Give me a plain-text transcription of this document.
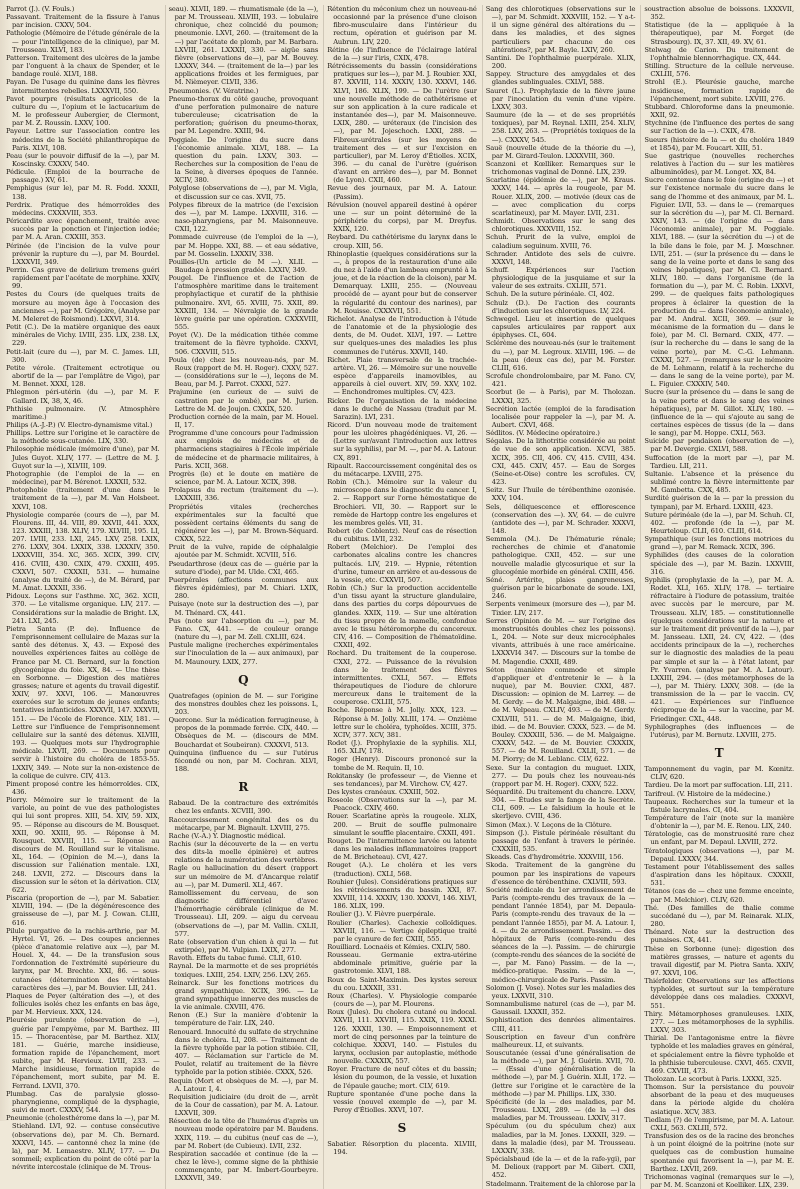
Parrot (J.). (V. Fouls.)

Passavant. Traitement de la fissure à l'anus par incision. CXXV, 504.

Pathologie (Mémoire de l'étude générale de la — pour l'intelligence de la clinique), par M. Trousseau. XLVI, 183.

Patterson. Traitement des ulcères de la jambe par l'onguent à la chaux de Spender, et le bandage roulé. XLVI, 188.

Payan. De l'usage du quinine dans les fièvres intermittentes rebelles. LXXXVII, 550.

Pavot pourpre (résultats agricoles de la culture du —, l'opium et le lactucarium de M. le professeur Aubergier, de Clermont, par M. Z. Roussin. LXXV, 100.

Payeur. Lettre sur l'association contre les médecins de la Société philanthropique de Paris. XLVI, 108.

Peau (sur le pouvoir diffusif de la —), par M. Koscinsky. CXXXV, 540.

Pédicule. (Emploi de la bourrache de passage.) XV, 61.

Pemphigus (sur le), par M. R. Fodd. XXXII, 138.

Perdrix. Pratique des hémorroïdes des médecins. CXXXVIII, 353.

Péricardite avec épanchement, traitée avec succès par la ponction et l'injection iodée; par M. A. Aran. CXXIII, 353.

Périnée (de l'incision de la vulve pour prévenir la rupture du —), par M. Bourdel. LXXXVII, 349.

Perrin. Cas grave de delirium tremens guéri rapidement par l'acétate de morphine. XXIV, 99.

Pestes du Cours (de quelques traits de morsure au moyen âge à l'occasion des anciennes —), par M. Grégoire, (Analyse par M. Meleret de Roismond). LXXVI, 314.

Petit (C.). De la matière organique des eaux minérales de Vichy. LVIII, 235. LIX, 238. LX, 229.

Petit-lait (cure du —), par M. C. James. LII, 300.

Petite vérole. (Traitement ectrotique ou abortif de la — par l'emplâtre de Vigo), par M. Bennet. XXXI, 128.

Phlegmon péri-utérin (du —), par M. F. Gallard. IX, 38, X, 46.

Phthisie pulmonaire. (V. Atmosphère maritime.)

Philips (A.-J.-P.) (V. Electro-dynamisme vital.)

Phillips. Lettre sur l'origine et le caractère de la méthode sous-cutanée. LIX, 330.

Philosophie médicale (mémoire d'une), par M. Jules Guyot. XLIV, 177. — (Lettre de M. J. Guyot sur la —), XLVIII, 109.

Photographie (de l'emploi de la — en médecine), par M. Bérenot. LXXXII, 532.

Photophobie (traitement d'une dans le traitement de la —), par M. Van Holsbeet. XXVI, 108.

Physiologie comparée (cours de —), par M. Flourens. III, 44. VIII, 89. XXVII, 441. XXX, 123. XXXIII, 138. XLIV, 179. XLVIII, 195. LI, 207. LVIII, 233. LXI, 245. LXV, 258. LXIX, 276. LXXV, 304. LXXIX, 338. LXXXIV, 350. LXXXVIII, 354. XC, 365. XCIX, 399. CIV, 416. CVIII, 430. CXIX, 479. CXXIII, 495. CXXVI, 507. CXXXII, 531. — humaine (analyse du traité de —), de M. Bérard, par M. Amat. LXXXII, 336.

Pidoux. Leçons sur l'asthme. XC, 362. XCII, 370. — Le vitalisme organique. LIV, 217. — Considérations sur la maladie de Bright. LX, 241. LXI, 245.

Pietra Santa (P. de). Influence de l'emprisonnement cellulaire de Mazas sur la santé des détenus. X, 43. — Exposé des nouvelles expériences faites au collège de France par M. Cl. Bernard, sur la fonction glycogénique du foie. XX, 84. — Une thèse en Sorbonne. — Digestion des matières grasses; nature et agents du travail digestif. XXIV, 97. XXVI, 106. — Manœuvres exercées sur le scrotum de jeunes enfants; tentatives infanticides. XXXVII, 147. XXXVII, 151. — De l'école de Florence. XLV, 181. — Lettre sur l'influence de l'emprisonnement cellulaire sur la santé des détenus. XLVIII, 193. — Quelques mots sur l'hydrographie médicale. LXVII, 269. — Documents pour servir à l'histoire du choléra de 1853-55. LXXIV, 349. — Note sur la non-existence de la colique de cuivre. CIV, 413.

Piment proposé contre les hémorroïdes. CIX, 436.

Piorry. Mémoire sur le traitement de la variole, au point de vue des pathologistes qui lui sont propres. XIII, 54. XIV, 59. XIX, 95. — Réponse au discours de M. Bousquet. XXII, 90. XXIII, 95. — Réponse à M. Rousquet. XXVIII, 115. — Réponse au discours de M. Rouilland sur le vitalisme. XL, 164. — (Opinion de M.—), dans la discussion sur l'aliénation mentale. LXI, 248. LXVII, 272. — Discours dans la discussion sur le séton et la dérivation. CLV, 622.

Piscaria (proportion de —), par M. Sabatier. XLVIII, 194. — (De la dégénérescence des graisseuse de —), par M. J. Cowan. CLIII, 616.

Pilule purgative de la rachis-arthrie, par M. Hyrtel. VI, 26. — Des coupes anciennes (pièce d'anatomie relative aux —), par M. Houel. X, 44. — De la transfusion sous l'ordonnation de l'extrémité supérieure du larynx, par M. Brechte. XXI, 86. — sous-cutanées (détermination des véritables caractères des —), par M. Bouvier. LII, 241.

Plaques de Peyer (altération des —), et des follicules isolés chez les enfants en bas âge, par M. Hervieux. XXX, 124.

Pleurésie purulente (observation de —), guérie par l'empyème, par M. Barthez. III 15. — Thoracentèse, par M. Barthez. XLV, 181. — Guérie, marche insidieuse, formation rapide de l'épanchement, mort subite, par M. Hervieux. LVIII, 233. — Marche insidieuse, formation rapide de l'épanchement, mort subite, par M. E. Ferrand. LXVII, 370.

Plumbag. Cas de paralysie glosso-pharyngienne, compliqué de la dysphagie, suivi de mort. CXXXV, 544.

Pneumonie (cholesthérome dans la —), par M. Stiehland. LVI, 92. — contuse consécutive (observations de), par M. Ch. Bernard. XXXVI, 145. — cantonné chez la mine (de la), par M. Lemaestre. XLIV, 177. — Du sommeil; explication du point de côté par la névrite intercostale (clinique de M. Trous-

seau). XLVII, 189. — rhumatismale (de la —), par M. Trousseau. XLVIII, 193. — lobulaire chronique, chez coïncidé du poumon; pneumonie. LXVI, 260. — (traitement de la —) par l'acétate de plomb, par M. Barbara. LXVIII, 261. LXXXII, 330. — aigüe sans fièvre (observations de—), par M. Bouvey. LXXXV, 344. — (traitement de la—) par les applications froides et les fermigues, par M. Nièmeyer. CLVII, 336.

Pneumonies. (V. Vératrine.)

Pneumo-thorax du côté gauche, provoquant d'une perforation pulmonaire de nature tuberculeuse; cicatrisation de la perforation; guérison du pneumo-thorax, par M. Legendre. XXIII, 94.

Poggiale. De l'origine du sucre dans l'économie animale. XLVI, 188. — La question du pain. LXXV, 303. — Recherches sur la composition de l'eau de la Seine, à diverses époques de l'année. XCIV, 380.

Polyglose (observations de —), par M. Vigla, et discussion sur ce cas. XVII, 75.

Polypes fibreux de la matrice (de l'excision des —), par M. Lampe. LXXVIII, 316. — naso-pharyngiens, par M. Maisonneuve. CXII, 122.

Pommade cuivreuse (de l'emploi de la —), par M. Hoppe. XXI, 88. — et eau sédative, par M. Gosselin. LXXXIV, 338.

Pouilles-(Un article de M —). XLII. — Baudage à pression gradée. LXXIV, 349.

Pougel. De l'influence et de l'action de l'atmosphère maritime dans le traitement prophylactique et curatif de la phthisie pulmonaire. XVI, 65. XVIII, 75. XXII, 89. XXXIII, 134. — Névralgie de la grande lèvre guérie par une opération. CXXXVIII, 555.

Poyet (V.). De la médication tithée comme traitement de la fièvre typhoïde. CXXVI, 506. CXXVIII, 515.

Poula (de) chez les nouveau-nés, par M. Roux (rapport de M. H. Roger). CXXV, 527. — (considérations sur le —), leçons de M. Beau, par M. J. Parrot. CXXXI, 527.

Prajumine (en curieux de — suivi de castration par le ombé), par M. Jurien. Lettre de M. de Joujon. CXXIX, 520.

Production cornée de la main, par M. Houel. II, 17.

Programme d'une concours pour l'admission aux emplois de médecins et de pharmaciens stagiaires à l'École impériale de médecine et de pharmacie militaires, à Paris. XCII, 368.

Progrès (le) et le doute en matière de science, par M. A. Latour. XCIX, 398.

Prolapsus du rectum (traitement du —). LXXXIII, 336.

Propriétés vitales (recherches expérimentales sur la faculté que possèdent certains éléments du sang de régénérer les —), par M. Brown-Séquard. CXXX, 522.

Pruit de la vulve, rapide de céphalalgie ajoutée par M. Schmidt. XCVIII, 516.

Pseudarthrose (deux cas de — guérie par la suture d'iode), par M. Ulde. CXI, 465.

Puerpérales (affections communes aux fièvres épidémies), par M. Chiari. LXIX, 280.

Puisaye (note sur la destruction des —), par M. Thénard. CX, 441.

Pus (note sur l'absorption du —), par M. Fano. CX, 441. — de couleur orange (nature du —), par M. Zell. CXLIII, 624.

Pustule maligne (recherches expérimentales sur l'inoculation de la — aux animaux), par M. Maunoury. LXIX, 277.

Q

Quatrefages (opinion de M. — sur l'origine des monstres doubles chez les poissons. L, 203.

Quercone. Sur la médication ferrugineuse, à propos de la pommade ferrée. CIX, 440. — Obsèques de M. — (discours de MM. Bouchardat et Soubeiran). CXXXVI, 513.

Quinquina (influence du — sur l'utérus fécondé ou non, par M. Cochran. XLVI, 188.

R

Rabaud. De la contracture des extrémités chez les enfants. XCVIII, 390.

Raccourcissement congénital des os du métacarpe, par M. Bignault. LXVIII, 275.

Rache (V.-A.) Y. Diagnostic médical.

Rachis (sur la découverte de la — en vertu des dits-la moelle épinière) et autres relations de la numérotation des vertèbres.

Ragle ou hallucination du désert (rapport sur un mémoire de M. d'Ancarque relatif au —), par M. Dumeril. XLI, 467.

Ramollissement du cerveau, de son diagnostic différentiel d'avec l'hémorrhagie cérébrale (clinique de M. Trousseau). LII, 209. — aigu du cerveau (observations de —), par M. Vallin. CXLII, 577.

Rate (observation d'un chien à qui la — fut extirpée), par M. Vulpian. LXIX, 277.

Ravoth. Effets du tabac fumé. CLII, 610.

Raynal. De la marmotte et de ses propriétés toxiques. LXIII, 254. LXIV, 256. LXV, 265.

Reinarck. Sur les fonctions motrices du grand sympathique. XCIX, 396. — Le grand sympathique innerve des muscles de la vie animale. CXVIII, 476.

Renon (E.) Sur la manière d'obtenir la température de l'air. LIX, 240.

Renouard. Innocuité du sulfate de strychnine dans le choléra. LI, 208. — Traitement de la fièvre typhoïde par la potion stibiée. CII, 407. — Réclamation sur l'article de M. Poulet, relatif au traitement de la fièvre typhoïde par la potion stibiée. CXXX, 526.

Requin (Mort et obsèques de M. —), par M. A. Latour. I, 4.

Requisition judiciaire (du droit de —, arrêt de la Cour de cassation), par M. A. Latour. LXXVII, 309.

Résection de la tête de l'humérus d'après un nouveau mode opératoire par M. Baudens. XXIX, 119. — du cubitus (neuf cas de —), par M. Robert (de Cubieux). LVII, 232.

Respiration saccadée et continue (de la — chez le lève-), comme signe de la phthisie commençante, par M. Imbert-Gourbeyre. LXXXVII, 349.

Rétention du méconium chez un nouveau-né occasionné par la présence d'une cloison fibro-musculaire dans l'intérieur du rectum, opération et guérison par M. Aubrun. LIV, 220.

Rétine (de l'influence de l'éclairage latéral de la —) sur l'iris, CXIX, 478.

Rétrécissements du bassin (considérations pratiques sur les—), par M. J. Roubier. XXI, 87. XXVIII, 114. XXXIV, 130. XXXVI, 146. XLVI, 186. XLIX, 199. — De l'urètre (sur une nouvelle méthode de cathétérisme et sur son application à la cure radicale et instantanée des—), par M. Maisonneuve. LXIX, 280. — uréteraux (de l'incision des—), par M. Jojeschoch. LXXI, 288. — Fibreux-urétrales (sur les moyens de traitement des — et sur l'excision en particulier), par M. Leroy d'Étiolles. XCIX, 396. — du canal de l'urètre (guérison d'avant en arrière des—), par M. Bonnet (de Lyon). CXII, 460.

Revue des journaux, par M. A. Latour. (Passim).

Révulsion (nouvel appareil destiné à opérer une — sur un point déterminé de la périphérie du corps), par M. Dreyfus. XXIX, 120.

Reybard. Du cathétérisme du larynx dans le croup. XIII, 56.

Rhinoplastie (quelques considérations sur la —, à propos de la restauration d'une aile du nez à l'aide d'un lambeau emprunté à la joue, et de la réaction de la cloison), par M. Demarquay. LXIII, 255. — (Nouveau procédé de — ayant pour but de conserver la régularité du contour des narines), par M. Rouisse. CXXXVII, 551.

Richelot. Analyse de l'introduction à l'étude de l'anatomie et de la physiologie des dents, de M. Oudet. XLVI, 197. — Lettre sur quelques-unes des maladies les plus communes de l'utérus. XXVII, 140.

Richet. Plaie transversale de la trachée-artère. VI, 26. — Mémoire sur une nouvelle espèce d'appareils inamovibles, au appareils à ciel ouvert. XIV, 59. XXV, 102. — Enchondromes multiples. CV, 423.

Ricker. De l'organisation de la médecine dans le duché de Nassau (traduit par M. Sarazin). LVI, 231.

Ricord. D'un nouveau mode de traitement pour les ulcères phagédéniques. VI, 26. — (Lettre sur/avant l'introduction aux lettres sur la syphilis), par M. —, par M. A. Latour. CX, 891.

Ripault. Raccourcissement congénital des os du métacarpe. LXVIII, 275.

Robin (Ch.). Mémoire sur la valeur du microscope dans le diagnostic du cancer. I, 2. — Rapport sur l'orne hémostatique de Brochieri. VII, 30. — Rapport sur le remède de Hartopp contre les engelures et les membres gelés. VII, 31.

Robert (de Coblentz). Neuf cas de résection du cubitus. LVII, 232.

Robert (Melchior). De l'emploi des carbonates alcalins contre les chancres pultacés. LIV, 219. — Hypnie, rétention d'urine, tumeur en arrière et au-dessous de la vessie, etc. CXXVII, 507.

Robin (Ch.) Sur la production accidentelle d'un tissu ayant la structure glandulaire, dans des parties du corps dépourvues de glandes. XXIX, 119. — Sur une altération du tissu propre de la mamelle, confondue avec le tissu hétéromorphe du cancereux. CIV, 416. — Composition de l'hématoïdine. CXXII, 492.

Rochard. Du traitement de la couperose. CXXI, 272. — Puissance de la révulsion dans le traitement des fièvres intermittentes. CXLI, 567. — Effets thérapeutiques de l'iodure de chlorure mercureux dans le traitement de la couperose. CXLIII, 575.

Roche. Réponse à M. Jolly. XXX, 123. — Réponse à M. Jolly. XLIII, 174. — Onzième lettre sur le choléra, typhoïdes. XCIII, 375. XCIV, 377. XCV, 381.

Rodet (J.). Prophylaxie de la syphilis. XLI, 165. XLIV, 178.

Roger (Henry). Discours prononcé sur la tombe de M. Requin. II, 10.

Rokitansky (le professeur —, de Vienne et ses tendances), par M. Virchow. CV, 427.

Des kystes cranéaux. CXXIII, 502.

Roseole (Observations sur la —), par M. Peacock. CXIV, 460.

Rouer. Scarlatine après la rougeole. XLIX, 200. — Bruit de souffle pulmonaire simulant le souffle placentaire. CXXII, 491.

Rouget. De l'intermittence larvée ou latente dans les maladies inflammatoires (rapport de M. Bricheteau). CVI, 427.

Rouget (A.). Le choléra et les vers (traduction). CXLI, 568.

Rouhier (Jules). Considérations pratiques sur les rétrécissements du bassin. XXI, 87. XXVIII, 114. XXXIV, 130. XXXVI, 146. XLVI, 186. XLIX, 199.

Roulier (J.). V. Fièvre puerpérale.

Roulier (Charles). Cachexie colloïdiques. XXVIII, 116. — Vertige épileptique traité par le cyanure de fer. CXIII, 555.

Rouilliard. Locnaéis et Kémies. CXLIV, 580.

Rousseau. Germanie extra-utérine abdominale primitive, guérie par la gastrotomie. XLVI, 188.

Roux de Saint-Maximin. Des kystes sereux du cou. LXXXII, 331.

Roux (Charles). V. Physiologie comparée (cours de —), par M. Flourens.

Roux (Jules). Du cholera cutané ou indocal. XXVII, 111. XXVIII, 115. XXIX, 119. XXXI. 126. XXXII, 130. — Empoisonnement et mort de cinq personnes par la teinture de colchique. XXXVI, 140. — Fistules du larynx, occlusion par autoplastie, méthode nouvelle. CXXXIX, 557.

Royer. Fracture de neuf côtes et du bassin; lésion du poumon, de la vessie, et luxation de l'épaule gauche; mort. CLV, 619.

Rupture spontanée d'une poche dans la vessie (nouvel exemple de —), par M. Peroy d'Étiolles. XXVI, 107.

S

Sabatier. Résorption du placenta. XLVIII, 194.

Sang des chlorotiques (observations sur le —), par M. Schmidt. XXXVIII, 152. — Y a-t-il un signe général des altérations du — dans les maladies, et des signes particuliers par chacune de ces altérations?, par M. Bayle. LXIV, 260.

Santini. De l'ophthalmie puerpérale. XLIX, 200.

Sappey. Structure des amygdales et des glandes sublinguales. CXLVI, 588.

Sauret (L.). Prophylaxie de la fièvre jaune par l'inoculation du venin d'une vipère. LXXV, 303.

Saumure (de la — et de ses propriétés toxiques), par M. Reynal. LXIII, 254. XLIV, 258. LXV, 263. — (Propriétés toxiques de la —). CXXXV, 545.

Sauë (nouvelle étude de la théorie du —), par M. Girard-Teulon. LXXXVIII, 360.

Scanzoni et Kœlliker. Remarques sur le trichomonas vaginal de Donné. LIX, 239.

Scarlatine (épidémie de —), par M. Kraus. XXXV, 144. — après la rougeole, par M. Rouer. XLIX, 200. — motivée (deux cas de — avec complication du corps scarlatineux), par M. Mayer. LVII, 231.

Schmidt. Observations sur le sang des chlorotiques. XXXVIII, 152.

Schuh. Prurit de la vulve, emploi de caladium seguinum. XVIII, 76.

Schrader. Antidote des sels de cuivre. XXXVI, 148.

Schuff. Expériences sur l'action physiologique de la jusquiame et sur la valeur de ses extraits. CXLIII, 571.

Schuh. De la suture périnéale. CI, 402.

Schulz (D.). De l'action des courants d'induction sur les chlorotiques. LV, 224.

Schwegel. Lieu et insertion de quelques capsules articulaires par rapport aux épiphyses. CL, 604.

Sclérème des nouveau-nés (sur le traitement du —), par M. Legroux. XLVIII, 196. — de la peau (deux cas de), par M. Forster. CLIII, 616.

Scrofule chondrolombaire, par M. Fano. CV, 421.

Scorbut (le — à Paris), par M. Tholozan. LXXXI, 325.

Secrétion lactée (emploi de la faradisation localisée pour rappeler la —), par M. A. Aubert. CXVI, 468.

Sédlitos. (V. Médecine opératoire.)

Ségalas. De la lithotritie considérée au point de vue de son application. XCVI, 385. XCIX, 395. CII, 406. CV, 415. CVIII, 434. CXI, 445. CXIV, 457. — Eau de Sorges (Seine-et-Oise) contre les scrofules. CV, 423.

Seitz. Sur l'huile de térébenthine ozonisée. XXV, 104.

Sels, déliquescence et efflorescence (conservation des —). XV, 64. — de cuivre (antidote des —), par M. Schrader. XXXVI, 148.

Semmola (M.). De l'hématurie rénale; recherches de chimie et d'anatomie pathologique. CXII, 452. — sur une nouvelle maladie glycosurique et sur la glucogénie morbide en général. CXIII, 456.

Séné. Artérite, plaies gangreneuses, guérison par le bicarbonate de soude. LXI, 246.

Serpents venimeux (morsure des —), par M. Tixier. LIV, 217.

Serres (Opinion de M. — sur l'origine des monstruosités doubles chez les poissons). L, 204. — Note sur deux microcéphales vivants, attribués à une race américaine. LXXXVI4 347. — Discours sur la tombe de M. Magendie. CXXII, 489.

Séton (manière commode et simple d'appliquer et d'entretenir le — à la nuque), par M. Bouvier. CXXI, 487. Discussion: — opinion de M. Larrey. — de M. Gerdy. — de M. Malgaigne, ibid. 488. — de M. Velpeau. CXLIV, 493. — de M. Gerdy. CXLVIII, 511. — de M. Malgaigne, ibid, ibid. — de M. Bouvier. CXXX, 523. — de M. Bouley. CXXXIII, 536. — de M. Malgaigne. CXXXV, 542. — de M. Bouvier. CXXXIX, 557. — de M. Rouilland. CXLII, 571. — de M. Piorry; de M. Leblanc. CLV, 622.

Sexe. Sur la contagion du muguet. LXIX, 277. — Du pouls chez les nouveau-nés (rapport par M. H. Roger). CXXV, 522.

Séquardité. Du traitement du chancre. LXXV, 304. — Études sur la fange de la Secrète. CLI, 609. — Le falsidium la houle et le skerljevo. CVIII, 436.

Simon (Max.). V. Leçons de la Clôture.

Simpson (J.). Fistule périnéale résultant du passage de l'enfant à travers le périnée. CXXXIII, 535.

Skeads. Cas d'hydrométrie. XXXVIII, 156.

Skoda. Traitement de la gangrène du poumon par les inspirations de vapeurs d'essence de térébenthine. CXLVIII, 593.

Société médicale du 1er arrondissement de Paris (compte-rendu des travaux de la — pendant l'année 1854), par M. Depaula-Paris (compte-rendu des travaux de la — pendant l'année 1855), par M. A. Latour. I, 4. — du 2e arrondissement. Passim. — des hôpitaux de Paris (compte-rendu des séances de la —). Passim. — de chirurgie (compte-rendu des séances de la société de —, par M. Fano) Passim. — de la —, médico-pratique. Passim. — de la —, médico-chirurgicale de Paris. Passim.

Solomon (J. Vose). Notes sur les maladies des yeux. LXXVII, 310.

Somnambulisme naturel (cas de —), par M. Gaussail. LXXXII, 352.

Sophistication des denrées alimentaires. CIII, 411.

Souscription en faveur d'un confrère malheureux. LI, et suivants.

Souscutanée (essai d'une généralisation de la méthode —), par M. J. Guérin. XVII, 70. — (Essai d'une généralisation de la méthode —), par M. J. Guérin. XLII, 172. — (lettre sur l'origine et le caractère de la méthode —) par M. Phillips. LIX, 330.

Spécificité (de la — des maladies, par M. Trousseau. LXXI, 289. — (de la —) des maladies, par M. Trousseau. LXXIV, 317.

Spéculum (ou du spéculum chez) aux maladies, par la M. Jones. LXXXII, 329. — dans la maladie (des), par M. Trousseau. LXXXIV, 338.

Spécialsbaud (de la — et de la rafe-ygi), par M. Delioux (rapport par M. Gibert. CXII, 452.

Stadelmann. Traitement de la chlorose par la

soustraction absolue de boissons. LXXXVII, 352.

Statistique (de la — appliquée à la thérapeutique), par M. Forget (de Strasbourg). IX, 37. XII, 49. XV, 61.

Stelwag de Carion. Du traitement de l'ophthalmie blennorrhagique. CX, 444.

Stilling. Structure de la cellule nerveuse. CXLIII, 576.

Strohl (E.). Pleurésie gauche, marche insidieuse, formation rapide de l'épanchement, mort subite. LXVIII, 276.

Stubbard. Chloroforme dans la pneumonie. XXII, 92.

Stychnine (de l'influence des pertes de sang sur l'action de la —). CXIX, 478.

Sueurs (histoire de la — et du choléra 1849 et 1854), par M. Foucart. XIII, 51.

Sue gastrique (nouvelles recherches relatives à l'action du — sur les matières albuminoïdes), par M. Longet. XX, 84.

Sucre contenue dans le foie (origine du —) et sur l'existence normale du sucre dans le sang de l'homme et des animaux, par M. L. Figuier. LVII, 53. — dans le — (remarques sur la sécrétion du —), par M. Cl. Bernard. XXIV, 143. — (de l'origine du — dans l'économie animale), par M. Poggiale. XLVI, 188. — (sur la sécrétion du —) et de la bile dans le foie, par M. J. Mœschner. LVII, 251. — (sur la présence du — dans le sang de la veine porte et dans le sang des veines hépatiques), par M. Cl. Bernard. XLIV, 180. — dans l'organisme (de la formation du —), par M. C. Robin. LXXVI, 299. — de quelques faits pathologiques propres à éclairer la question de la production du — dans l'économie animale), par M. Andral. XCII, 369. — (sur le mécanisme de la formation du — dans le foie), par M. Cl. Bernard. CXIX, 477. — (sur la recherche du — dans le sang de la veine porte), par M. C.-G. Lehmann. CXXXI, 527. — (remarques sur le mémoire de M. Lehmann, relatif à la recherche du — dans le sang de la veine porte), par M. L. Figuier. CXXXIV, 540.

Sucre (sur la présence du — dans le sang de la veine porte et dans le sang des veines hépatiques), par M. Gillot. XLIV, 180. — (influence de la — qui s'ajoute au sang de certaines espèces de tissus (de la — dans le sang), par M. Hoppe. CXLI, 563.

Suicide par pendaison (observation de —), par M. Devergie. CXLVI, 588.

Suffocation (de la mort par —), par M. Tardieu. LII, 211.

Sultanie. L'absence et la présence du sublimé contre la fièvre intermittente par M. Gambetta. CXX, 485.

Surdité guérison de la — par la pression du tympan), par M. Erhard. LXXIII, 423.

Suture périnéale (de la —), par M. Schuh. CI, 402. — profonde (de la —), par M. Heurteloup. CLII, 610. CLIII, 614.

Sympathique (sur les fonctions motrices du grand —), par M. Remack. XCIX, 396.

Syphilides (des causes de la coloration spéciale des —), par M. Bazin. LXXVIII, 316.

Syphilis (prophylaxie de la —), par M. A. Rodet. XLI, 165. XLIV, 178. — tertiaire réfractaire à l'iodure de potassium, traitée avec succès par le mercure, par M. Trousseau. XLIV, 185. — constitutionnelle (quelques considérations sur la nature et sur le traitement dit préventif de la —), par M. Jansseau. LXII, 24. CV, 422. — (des accidents principaux de la —), recherches sur le diagnostic des maladies de la peau par simple et sur la — à l'état latent, par Pr. Yvarren. (analyse par M. A. Latour). LXXIII, 294. — (des métamorphoses de la —), par M. Thiéry. LXXV, 308. — (de la transmission de la — par le vaccin. CV, 421. — Expériences sur l'influence réciproque de la — sur la vaccine, par M. Friedinger. CXL, 448.

Syphilographes (des influences — de l'utérus), par M. Bernutz. LXVIII, 275.

T

Tamponnement du vagin, par M. Kœnitz. CLIV, 620.

Tardieu. De la mort par suffocation. LII, 211.

Tarifreul. (V. Histoire de la médecine.)

Taupeaux. Recherches sur la tumeur et la fistule lacrymales. CI, 404.

Température de l'air (note sur la manière d'obtenir la —), par M. E. Renou. LIX, 240.

Tératologie, cas de monstruosité rare chez un enfant, par M. Depaul. LXVIII, 272.

Tératologiques (observations —), par M. Depaul. LXXXV, 344.

Testament pour l'établissement des salles d'aspiration dans les hôpitaux. CXXXII, 531.

Tétanos (cas de — chez une femme enceinte, par M. Melchior). CLIV, 620.

Thé. (Des familles de thalie comme succédané du —), par M. Reinarak. XLIX, 280.

Thénard. Note sur la destruction des punaises. CX, 441.

Thèse en Sorbonne (une): digestion des matières grasses, — nature et agents du travail digestif, par M. Pietra Santa. XXIV, 97. XXVI, 106.

Thiérfelder. Observations sur les affections typhoïdes, et surtout sur la température développée dans ces maladies. CXXXVI, 551.

Thiry. Métamorphoses granuleuses. LXIX, 277. — Les métamorphoses de la syphilis. LXXV, 303.

Thirial. De l'antagonisme entre la fièvre typhoïde et les maladies graves en général, et spécialement entre la fièvre typhoïde et la phthisie tuberculeuse. CXVI, 465. CXVII, 469. CXVIII, 473.

Tholozan. Le scorbut à Paris. LXXXI, 325.

Thomson. Sur la persistance du pouvoir absorbant de la peau et des muqueuses dans la période algide du choléra asiatique. XCV, 383.

Tiedlam (?) de l'empirisme, par M. A. Latour. CXLI, 563. CXLIII, 572.

Transfusion des os de la racine des bronches à un point éloigné de la poitrine (note sur quelques cas de combustion humaine spontanée qui favorisent la —), par M. E. Barthez. LXVII, 269.

Trichomonas vaginal (remarques sur le —), par M. M. Scanzoni et Koelliker. LIX, 239.
